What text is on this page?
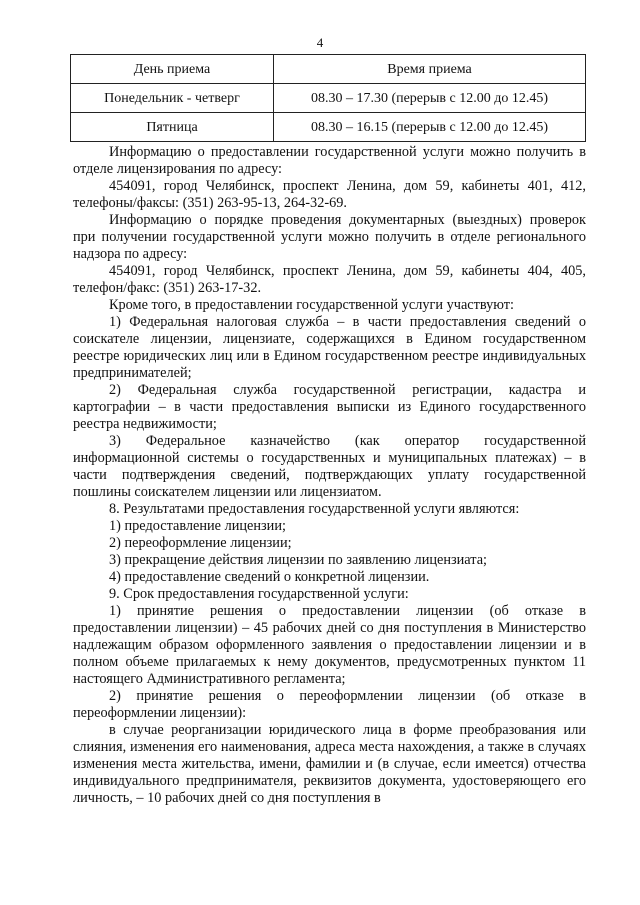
4
День приема	Время приема
Понедельник - четверг	08.30 – 17.30 (перерыв с 12.00 до 12.45)
Пятница	08.30 – 16.15 (перерыв с 12.00 до 12.45)

Информацию о предоставлении государственной услуги можно получить в отделе лицензирования по адресу:

454091, город Челябинск, проспект Ленина, дом 59, кабинеты 401, 412, телефоны/факсы: (351) 263-95-13, 264-32-69.

Информацию о порядке проведения документарных (выездных) проверок при получении государственной услуги можно получить в отделе регионального надзора по адресу:

454091, город Челябинск, проспект Ленина, дом 59, кабинеты 404, 405, телефон/факс: (351) 263-17-32.

Кроме того, в предоставлении государственной услуги участвуют:

1) Федеральная налоговая служба – в части предоставления сведений о соискателе лицензии, лицензиате, содержащихся в Едином государственном реестре юридических лиц или в Едином государственном реестре индивидуальных предпринимателей;

2) Федеральная служба государственной регистрации, кадастра и картографии – в части предоставления выписки из Единого государственного реестра недвижимости;

3) Федеральное казначейство (как оператор государственной информационной системы о государственных и муниципальных платежах) – в части подтверждения сведений, подтверждающих уплату государственной пошлины соискателем лицензии или лицензиатом.

8. Результатами предоставления государственной услуги являются:

1) предоставление лицензии;

2) переоформление лицензии;

3) прекращение действия лицензии по заявлению лицензиата;

4) предоставление сведений о конкретной лицензии.

9. Срок предоставления государственной услуги:

1) принятие решения о предоставлении лицензии (об отказе в предоставлении лицензии) – 45 рабочих дней со дня поступления в Министерство надлежащим образом оформленного заявления о предоставлении лицензии и в полном объеме прилагаемых к нему документов, предусмотренных пунктом 11 настоящего Административного регламента;

2) принятие решения о переоформлении лицензии (об отказе в переоформлении лицензии):

в случае реорганизации юридического лица в форме преобразования или слияния, изменения его наименования, адреса места нахождения, а также в случаях изменения места жительства, имени, фамилии и (в случае, если имеется) отчества индивидуального предпринимателя, реквизитов документа, удостоверяющего его личность, – 10 рабочих дней со дня поступления в
